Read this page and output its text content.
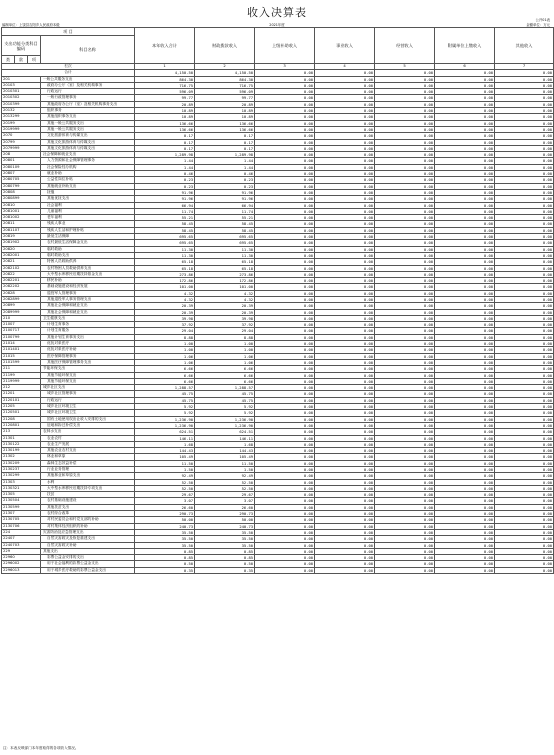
收入决算表
公开01表
编制单位：上饶县吉阳乡人民政府本级	2021年度	金额单位：万元
项 目				本年收入合计	财政拨款收入	上级补助收入	事业收入	经营收入	附属单位上缴收入	其他收入
支出功能分类科目编码			科目名称							
类	款	项								
栏次				1	2	3	4	5	6	7
合计				4,150.50	4,150.50	0.00	0.00	0.00	0.00	0.00
201			一般公共服务支出	864.30	864.30	0.00	0.00	0.00	0.00	0.00
20103			政府办公厅（室）及相关机构事务	716.75	716.75	0.00	0.00	0.00	0.00	0.00
2010301			行政运行	596.09	596.09	0.00	0.00	0.00	0.00	0.00
2010302			一般行政管理事务	99.77	99.77	0.00	0.00	0.00	0.00	0.00
2010399			其他政府办公厅（室）及相关机构事务支出	20.89	20.89	0.00	0.00	0.00	0.00	0.00
20132			组织事务	10.89	10.89	0.00	0.00	0.00	0.00	0.00
2013299			其他组织事务支出	10.89	10.89	0.00	0.00	0.00	0.00	0.00
20199			其他一般公共服务支出	136.66	136.66	0.00	0.00	0.00	0.00	0.00
2019999			其他一般公共服务支出	136.66	136.66	0.00	0.00	0.00	0.00	0.00
2070			文化旅游体育与传媒支出	0.17	0.17	0.00	0.00	0.00	0.00	0.00
20799			其他文化旅游体育与传媒支出	0.17	0.17	0.00	0.00	0.00	0.00	0.00
2079999			其他文化旅游体育与传媒支出	0.17	0.17	0.00	0.00	0.00	0.00	0.00
208			社会保障和就业支出	1,289.98	1,289.98	0.00	0.00	0.00	0.00	0.00
20801			人力资源和社会保障管理事务	1.44	1.44	0.00	0.00	0.00	0.00	0.00
2080109			社会保险经办机构	1.44	1.44	0.00	0.00	0.00	0.00	0.00
20807			就业补助	0.46	0.46	0.00	0.00	0.00	0.00	0.00
2080705			公益性岗位补贴	0.23	0.23	0.00	0.00	0.00	0.00	0.00
2080799			其他就业补助支出	0.23	0.23	0.00	0.00	0.00	0.00	0.00
20808			抚恤	91.96	91.96	0.00	0.00	0.00	0.00	0.00
2080899			其他优抚支出	91.96	91.96	0.00	0.00	0.00	0.00	0.00
20810			社会福利	66.94	66.94	0.00	0.00	0.00	0.00	0.00
2081001			儿童福利	11.74	11.74	0.00	0.00	0.00	0.00	0.00
2081002			老年福利	55.21	55.21	0.00	0.00	0.00	0.00	0.00
20811			残疾人事业	58.45	58.45	0.00	0.00	0.00	0.00	0.00
2081107			残疾人生活和护理补贴	58.45	58.45	0.00	0.00	0.00	0.00	0.00
20819			最低生活保障	695.65	695.65	0.00	0.00	0.00	0.00	0.00
2081902			农村最低生活保障金支出	695.65	695.65	0.00	0.00	0.00	0.00	0.00
20820			临时救助	11.30	11.30	0.00	0.00	0.00	0.00	0.00
2082001			临时救助支出	11.30	11.30	0.00	0.00	0.00	0.00	0.00
20821			特困人员救助供养	65.18	65.18	0.00	0.00	0.00	0.00	0.00
2082102			农村特困人员救助供养支出	65.18	65.18	0.00	0.00	0.00	0.00	0.00
20822			大中型水库移民后期扶持基金支出	273.86	273.86	0.00	0.00	0.00	0.00	0.00
2082201			移民补助	172.86	172.86	0.00	0.00	0.00	0.00	0.00
2082202			基础设施建设和经济发展	101.00	101.00	0.00	0.00	0.00	0.00	0.00
20828			退役军人管理事务	4.32	4.32	0.00	0.00	0.00	0.00	0.00
2082899			其他退役军人事务管理支出	4.32	4.32	0.00	0.00	0.00	0.00	0.00
20899			其他社会保障和就业支出	20.39	20.39	0.00	0.00	0.00	0.00	0.00
2089999			其他社会保障和就业支出	20.39	20.39	0.00	0.00	0.00	0.00	0.00
210			卫生健康支出	39.98	39.98	0.00	0.00	0.00	0.00	0.00
21007			计划生育事务	37.92	37.92	0.00	0.00	0.00	0.00	0.00
2100717			计划生育服务	29.04	29.04	0.00	0.00	0.00	0.00	0.00
2100799			其他计划生育事务支出	8.88	8.88	0.00	0.00	0.00	0.00	0.00
21014			优抚对象医疗	1.00	1.00	0.00	0.00	0.00	0.00	0.00
2101401			优抚对象医疗补助	1.00	1.00	0.00	0.00	0.00	0.00	0.00
21015			医疗保障管理事务	1.06	1.06	0.00	0.00	0.00	0.00	0.00
2101599			其他医疗保障管理事务支出	1.06	1.06	0.00	0.00	0.00	0.00	0.00
211			节能环保支出	6.66	6.66	0.00	0.00	0.00	0.00	0.00
21199			其他节能环保支出	6.66	6.66	0.00	0.00	0.00	0.00	0.00
2119999			其他节能环保支出	6.66	6.66	0.00	0.00	0.00	0.00	0.00
212			城乡社区支出	1,288.57	1,288.57	0.00	0.00	0.00	0.00	0.00
21201			城乡社区管理事务	45.75	45.75	0.00	0.00	0.00	0.00	0.00
2120101			行政运行	45.75	45.75	0.00	0.00	0.00	0.00	0.00
21205			城乡社区环境卫生	5.92	5.92	0.00	0.00	0.00	0.00	0.00
2120501			城乡社区环境卫生	5.92	5.92	0.00	0.00	0.00	0.00	0.00
21208			国有土地使用权出让收入安排的支出	1,236.90	1,236.90	0.00	0.00	0.00	0.00	0.00
2120801			征地和拆迁补偿支出	1,236.90	1,236.90	0.00	0.00	0.00	0.00	0.00
213			农林水支出	624.51	624.51	0.00	0.00	0.00	0.00	0.00
21301			农业农村	146.11	146.11	0.00	0.00	0.00	0.00	0.00
2130122			农业生产发展	1.68	1.68	0.00	0.00	0.00	0.00	0.00
2130199			其他农业农村支出	144.43	144.43	0.00	0.00	0.00	0.00	0.00
21302			林业和草原	105.49	105.49	0.00	0.00	0.00	0.00	0.00
2130209			森林生态效益补偿	11.50	11.50	0.00	0.00	0.00	0.00	0.00
2130237			行业业务管理	1.50	1.50	0.00	0.00	0.00	0.00	0.00
2130299			其他林业和草原支出	92.49	92.49	0.00	0.00	0.00	0.00	0.00
21303			水利	52.50	52.50	0.00	0.00	0.00	0.00	0.00
2130321			大中型水库移民后期扶持专项支出	52.50	52.50	0.00	0.00	0.00	0.00	0.00
21305			扶贫	29.67	29.67	0.00	0.00	0.00	0.00	0.00
2130504			农村基础设施建设	3.07	3.07	0.00	0.00	0.00	0.00	0.00
2130599			其他扶贫支出	26.60	26.60	0.00	0.00	0.00	0.00	0.00
21307			农村综合改革	290.73	290.73	0.00	0.00	0.00	0.00	0.00
2130705			对村民委员会和村党支部的补助	50.00	50.00	0.00	0.00	0.00	0.00	0.00
2130706			对村集体经济组织的补助	240.73	240.73	0.00	0.00	0.00	0.00	0.00
224			灾害防治及应急管理支出	35.50	35.50	0.00	0.00	0.00	0.00	0.00
22407			自然灾害救灾及恢复重建支出	35.50	35.50	0.00	0.00	0.00	0.00	0.00
2240703			自然灾害救灾补助	35.50	35.50	0.00	0.00	0.00	0.00	0.00
229			其他支出	0.85	0.85	0.00	0.00	0.00	0.00	0.00
22960			彩票公益金安排的支出	0.85	0.85	0.00	0.00	0.00	0.00	0.00
2296002			用于社会福利的彩票公益金支出	0.50	0.50	0.00	0.00	0.00	0.00	0.00
2296013			用于城乡医疗救助的彩票公益金支出	0.35	0.35	0.00	0.00	0.00	0.00	0.00
注：本表反映部门本年度取得的各项收入情况。
